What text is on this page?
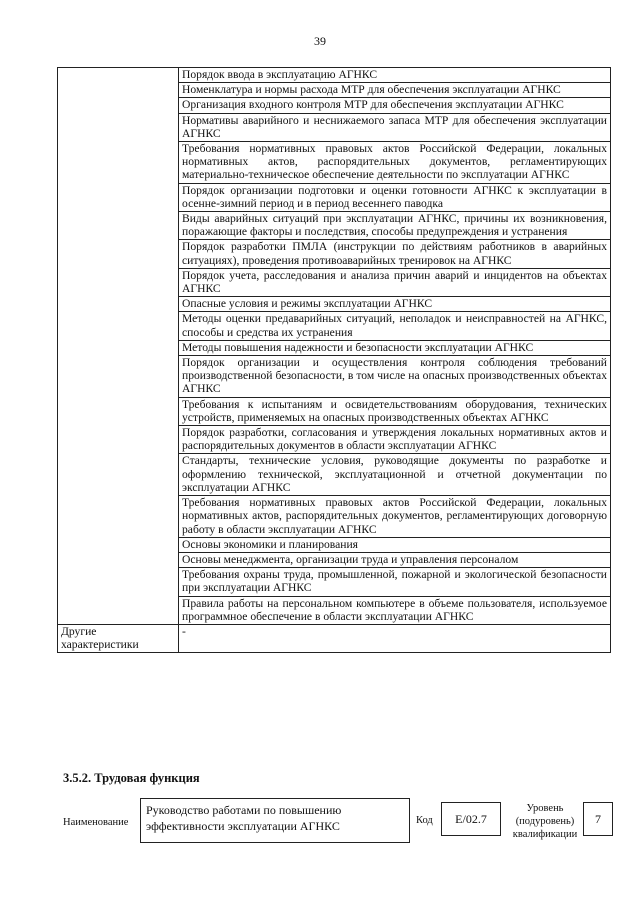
39
	Порядок ввода в эксплуатацию АГНКС
	Номенклатура и нормы расхода МТР для обеспечения эксплуатации АГНКС
	Организация входного контроля МТР для обеспечения эксплуатации АГНКС
	Нормативы аварийного и неснижаемого запаса МТР для обеспечения эксплуатации АГНКС
	Требования нормативных правовых актов Российской Федерации, локальных нормативных актов, распорядительных документов, регламентирующих материально-техническое обеспечение деятельности по эксплуатации АГНКС
	Порядок организации подготовки и оценки готовности АГНКС к эксплуатации в осенне-зимний период и в период весеннего паводка
	Виды аварийных ситуаций при эксплуатации АГНКС, причины их возникновения, поражающие факторы и последствия, способы предупреждения и устранения
	Порядок разработки ПМЛА (инструкции по действиям работников в аварийных ситуациях), проведения противоаварийных тренировок на АГНКС
	Порядок учета, расследования и анализа причин аварий и инцидентов на объектах АГНКС
	Опасные условия и режимы эксплуатации АГНКС
	Методы оценки предаварийных ситуаций, неполадок и неисправностей на АГНКС, способы и средства их устранения
	Методы повышения надежности и безопасности эксплуатации АГНКС
	Порядок организации и осуществления контроля соблюдения требований производственной безопасности, в том числе на опасных производственных объектах АГНКС
	Требования к испытаниям и освидетельствованиям оборудования, технических устройств, применяемых на опасных производственных объектах АГНКС
	Порядок разработки, согласования и утверждения локальных нормативных актов и распорядительных документов в области эксплуатации АГНКС
	Стандарты, технические условия, руководящие документы по разработке и оформлению технической, эксплуатационной и отчетной документации по эксплуатации АГНКС
	Требования нормативных правовых актов Российской Федерации, локальных нормативных актов, распорядительных документов, регламентирующих договорную работу в области эксплуатации АГНКС
	Основы экономики и планирования
	Основы менеджмента, организации труда и управления персоналом
	Требования охраны труда, промышленной, пожарной и экологической безопасности при эксплуатации АГНКС
	Правила работы на персональном компьютере в объеме пользователя, используемое программное обеспечение в области эксплуатации АГНКС
Другие характеристики	-
3.5.2. Трудовая функция
Наименование
Руководство работами по повышению эффективности эксплуатации АГНКС	Код	E/02.7
Уровень (подуровень) квалификации
7
